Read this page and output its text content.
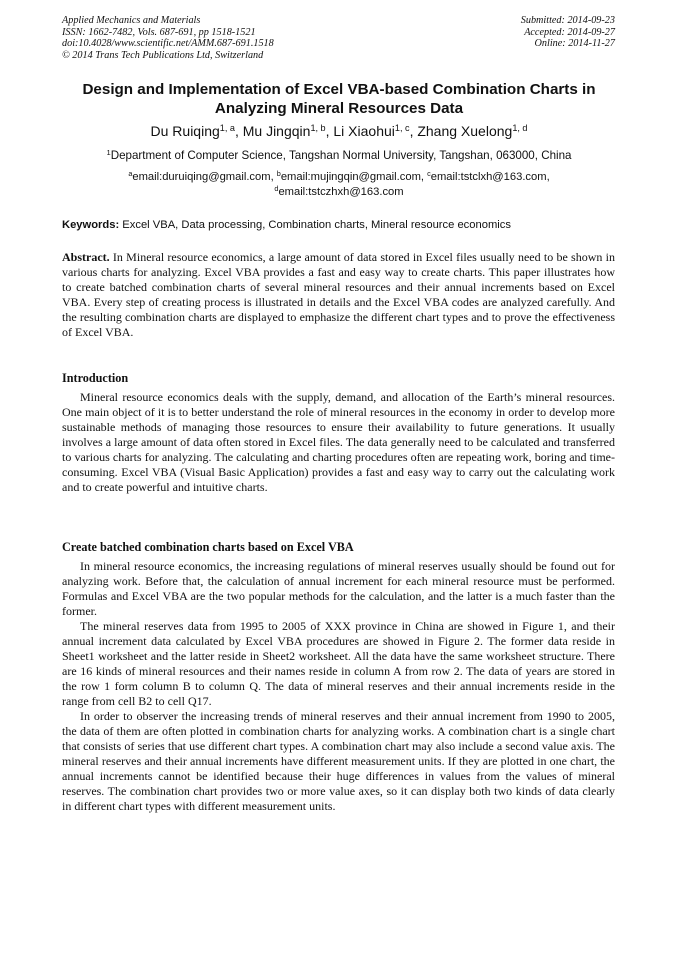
Applied Mechanics and Materials
ISSN: 1662-7482, Vols. 687-691, pp 1518-1521
doi:10.4028/www.scientific.net/AMM.687-691.1518
© 2014 Trans Tech Publications Ltd, Switzerland
Submitted: 2014-09-23
Accepted: 2014-09-27
Online: 2014-11-27
Design and Implementation of Excel VBA-based Combination Charts in
Analyzing Mineral Resources Data
Du Ruiqing$^{1, a}$, Mu Jingqin$^{1, b}$, Li Xiaohui$^{1, c}$, Zhang Xuelong$^{1, d}$
$^1$Department of Computer Science, Tangshan Normal University, Tangshan, 063000, China
$^a$email:duruiqing@gmail.com, $^b$email:mujingqin@gmail.com, $^c$email:tstclxh@163.com,
$^d$email:tstczhxh@163.com
Keywords: Excel VBA, Data processing, Combination charts, Mineral resource economics
Abstract. In Mineral resource economics, a large amount of data stored in Excel files usually need to be shown in various charts for analyzing. Excel VBA provides a fast and easy way to create charts. This paper illustrates how to create batched combination charts of several mineral resources and their annual increments based on Excel VBA. Every step of creating process is illustrated in details and the Excel VBA codes are analyzed carefully. And the resulting combination charts are displayed to emphasize the different chart types and to prove the effectiveness of Excel VBA.
Introduction

Mineral resource economics deals with the supply, demand, and allocation of the Earth’s mineral resources. One main object of it is to better understand the role of mineral resources in the economy in order to develop more sustainable methods of managing those resources to ensure their availability to future generations. It usually involves a large amount of data often stored in Excel files. The data generally need to be calculated and transferred to various charts for analyzing. The calculating and charting procedures often are repeating work, boring and time-consuming. Excel VBA (Visual Basic Application) provides a fast and easy way to carry out the calculating work and to create powerful and intuitive charts.

Create batched combination charts based on Excel VBA

In mineral resource economics, the increasing regulations of mineral reserves usually should be found out for analyzing work. Before that, the calculation of annual increment for each mineral resource must be performed. Formulas and Excel VBA are the two popular methods for the calculation, and the latter is a much faster than the former.

The mineral reserves data from 1995 to 2005 of XXX province in China are showed in Figure 1, and their annual increment data calculated by Excel VBA procedures are showed in Figure 2. The former data reside in Sheet1 worksheet and the latter reside in Sheet2 worksheet. All the data have the same worksheet structure. There are 16 kinds of mineral resources and their names reside in column A from row 2. The data of years are stored in the row 1 form column B to column Q. The data of mineral reserves and their annual increments reside in the range from cell B2 to cell Q17.

In order to observer the increasing trends of mineral reserves and their annual increment from 1990 to 2005, the data of them are often plotted in combination charts for analyzing works. A combination chart is a single chart that consists of series that use different chart types. A combination chart may also include a second value axis. The mineral reserves and their annual increments have different measurement units. If they are plotted in one chart, the annual increments cannot be identified because their huge differences in values from the values of mineral reserves. The combination chart provides two or more value axes, so it can display both two kinds of data clearly in different chart types with different measurement units.
